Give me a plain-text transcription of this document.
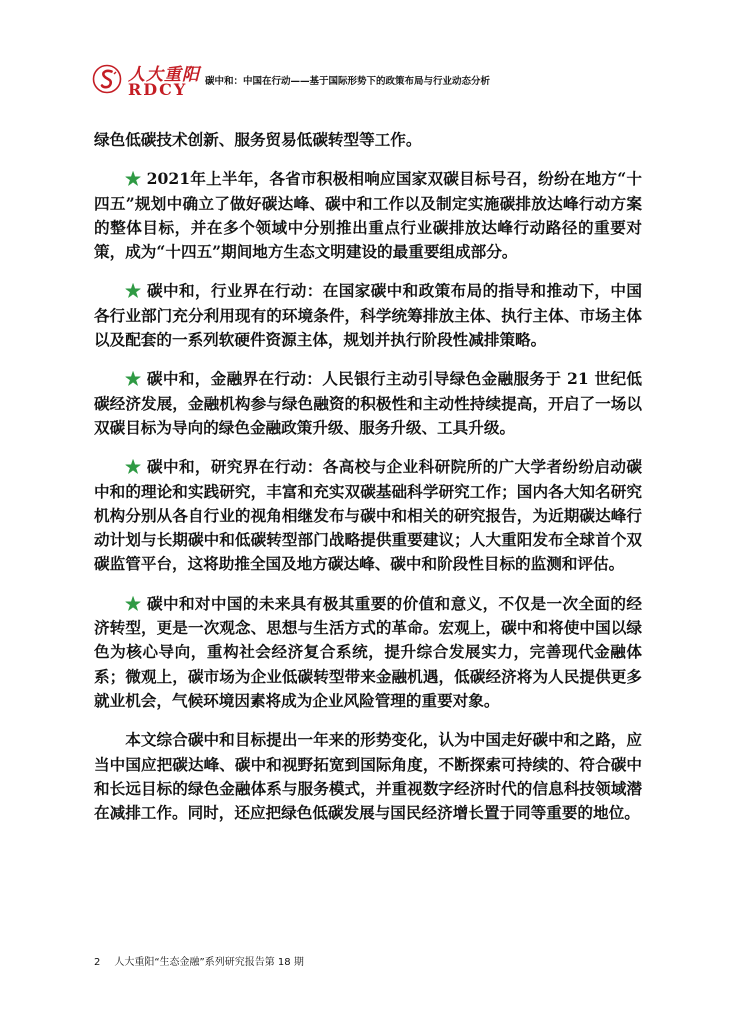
人大重阳
RDCY 碳中和：中国在行动——基于国际形势下的政策布局与行业动态分析

绿色低碳技术创新、服务贸易低碳转型等工作。

★ 2021年上半年，各省市积极相响应国家双碳目标号召，纷纷在地方“十四五”规划中确立了做好碳达峰、碳中和工作以及制定实施碳排放达峰行动方案的整体目标，并在多个领域中分别推出重点行业碳排放达峰行动路径的重要对策，成为“十四五”期间地方生态文明建设的最重要组成部分。

★ 碳中和，行业界在行动：在国家碳中和政策布局的指导和推动下，中国各行业部门充分利用现有的环境条件，科学统筹排放主体、执行主体、市场主体以及配套的一系列软硬件资源主体，规划并执行阶段性减排策略。

★ 碳中和，金融界在行动：人民银行主动引导绿色金融服务于 21 世纪低碳经济发展，金融机构参与绿色融资的积极性和主动性持续提高，开启了一场以双碳目标为导向的绿色金融政策升级、服务升级、工具升级。

★ 碳中和，研究界在行动：各高校与企业科研院所的广大学者纷纷启动碳中和的理论和实践研究，丰富和充实双碳基础科学研究工作；国内各大知名研究机构分别从各自行业的视角相继发布与碳中和相关的研究报告，为近期碳达峰行动计划与长期碳中和低碳转型部门战略提供重要建议；人大重阳发布全球首个双碳监管平台，这将助推全国及地方碳达峰、碳中和阶段性目标的监测和评估。

★ 碳中和对中国的未来具有极其重要的价值和意义，不仅是一次全面的经济转型，更是一次观念、思想与生活方式的革命。宏观上，碳中和将使中国以绿色为核心导向，重构社会经济复合系统，提升综合发展实力，完善现代金融体系；微观上，碳市场为企业低碳转型带来金融机遇，低碳经济将为人民提供更多就业机会，气候环境因素将成为企业风险管理的重要对象。

本文综合碳中和目标提出一年来的形势变化，认为中国走好碳中和之路，应当中国应把碳达峰、碳中和视野拓宽到国际角度，不断探索可持续的、符合碳中和长远目标的绿色金融体系与服务模式，并重视数字经济时代的信息科技领域潜在减排工作。同时，还应把绿色低碳发展与国民经济增长置于同等重要的地位。

2 人大重阳“生态金融”系列研究报告第 18 期
